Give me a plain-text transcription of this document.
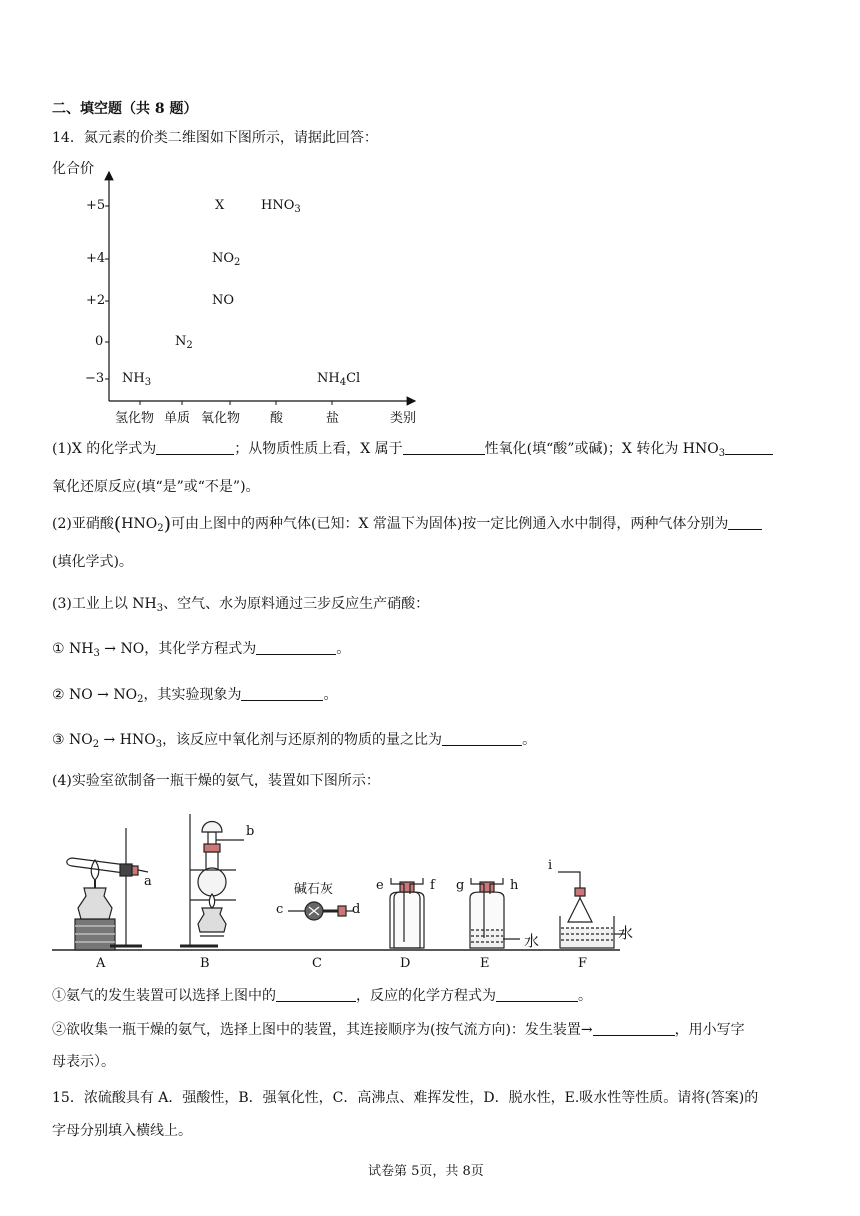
二、填空题（共 8 题）
14．氮元素的价类二维图如下图所示，请据此回答：
化合价
+5
+4
+2
0
−3
氢化物 单质 氧化物 酸	盐	类别
X	$HNO_3$
$NO_2$
NO
$N_2$
$NH_3$	$NH_4Cl$
(1)X 的化学式为	；从物质性质上看，X 属于	性氧化(填“酸”或碱)；X 转化为 $HNO_3$
氧化还原反应(填“是”或“不是”)。
(2)亚硝酸$(HNO_2)$可由上图中的两种气体(已知：X 常温下为固体)按一定比例通入水中制得，两种气体分别为
(填化学式)。
(3)工业上以 $NH_3$、空气、水为原料通过三步反应生产硝酸：
① $NH_3$ → NO，其化学方程式为	。
② NO → $NO_2$，其实验现象为	。
③ $NO_2 \to HNO_3$，该反应中氧化剂与还原剂的物质的量之比为	。
(4)实验室欲制备一瓶干燥的氨气，装置如下图所示：
a
b
碱石灰
c	d
e	f g	h
i
水	水
A	B	C	D	E	F
①氨气的发生装置可以选择上图中的	，反应的化学方程式为	。
②欲收集一瓶干燥的氨气，选择上图中的装置，其连接顺序为(按气流方向)：发生装置→	，用小写字
母表示）。
15．浓硫酸具有 A．强酸性，B．强氧化性，C．高沸点、难挥发性，D．脱水性，E.吸水性等性质。请将(答案)的
字母分别填入横线上。
试卷第 5页，共 8页
